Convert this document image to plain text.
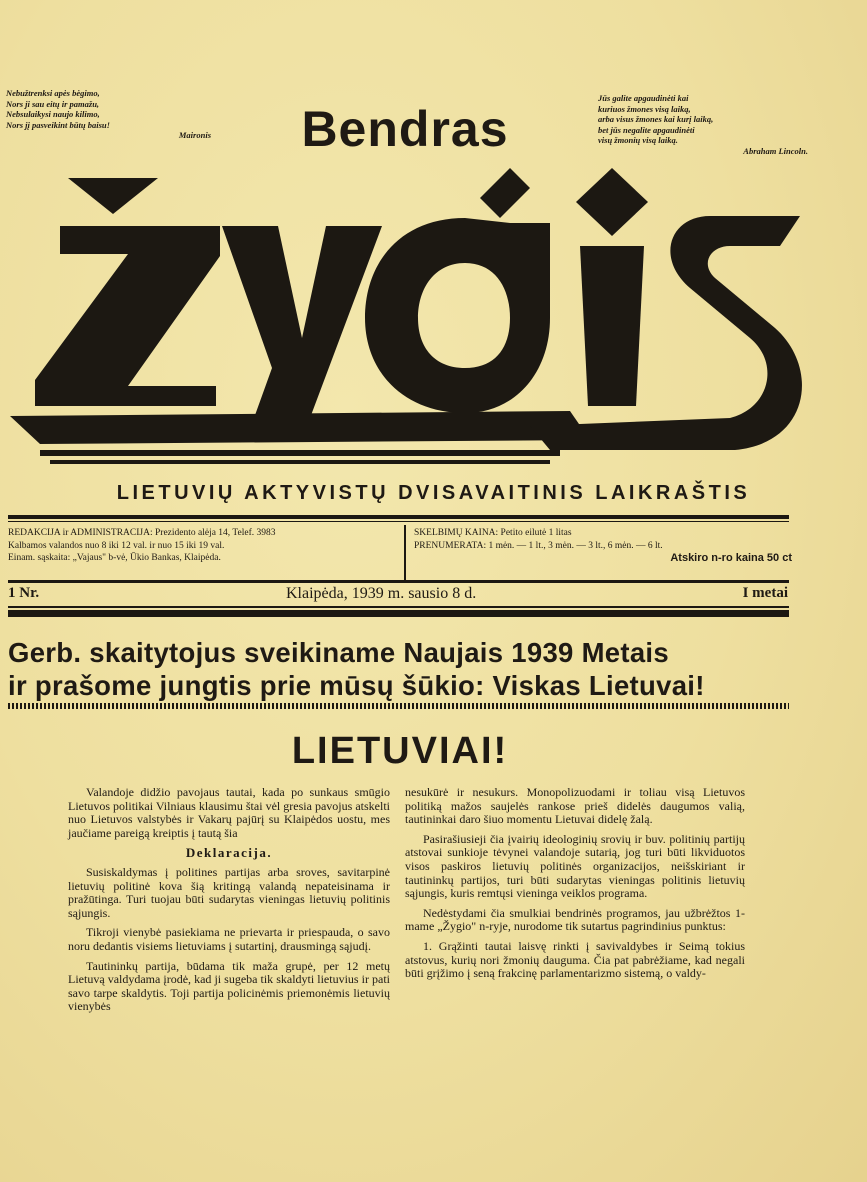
Nebužtrenksi apės bėgimo,
Nors ji sau eitų ir pamažu,
Nebsulaikysi naujo kilimo,
Nors jį pasveikint būtų baisu!
Maironis
Jūs galite apgaudinėti kai
kuriuos žmones visą laiką,
arba visus žmones kai kurį laiką,
bet jūs negalite apgaudinėti
visų žmonių visą laiką.
Abraham Lincoln.
Bendras
LIETUVIŲ AKTYVISTŲ DVISAVAITINIS LAIKRAŠTIS
REDAKCIJA ir ADMINISTRACIJA: Prezidento alėja 14, Telef. 3983
Kalbamos valandos nuo 8 iki 12 val. ir nuo 15 iki 19 val.
Einam. sąskaita: „Vajaus" b-vė, Ūkio Bankas, Klaipėda.
SKELBIMŲ KAINA: Petito eilutė 1 litas
PRENUMERATA: 1 mėn. — 1 lt., 3 mėn. — 3 lt., 6 mėn. — 6 lt.
Atskiro n-ro kaina 50 ct
1 Nr.	Klaipėda, 1939 m. sausio 8 d.	I metai
Gerb. skaitytojus sveikiname Naujais 1939 Metais
ir prašome jungtis prie mūsų šūkio: Viskas Lietuvai!
LIETUVIAI!

Valandoje didžio pavojaus tautai, kada po sunkaus smūgio Lietuvos politikai Vilniaus klausimu štai vėl gresia pavojus atskelti nuo Lietuvos valstybės ir Vakarų pajūrį su Klaipėdos uostu, mes jaučiame pareigą kreiptis į tautą šia

Deklaracija.

Susiskaldymas į politines partijas arba sroves, savitarpinė lietuvių politinė kova šią kritingą valandą nepateisinama ir pražūtinga. Turi tuojau būti sudarytas vieningas lietuvių politinis sąjungis.

Tikroji vienybė pasiekiama ne prievarta ir priespauda, o savo noru dedantis visiems lietuviams į sutartinį, drausmingą sąjudį.

Tautininkų partija, būdama tik maža grupė, per 12 metų Lietuvą valdydama įrodė, kad ji sugeba tik skaldyti lietuvius ir pati savo tarpe skaldytis. Toji partija policinėmis priemonėmis lietuvių vienybės

nesukūrė ir nesukurs. Monopolizuodami ir toliau visą Lietuvos politiką mažos saujelės rankose prieš didelės daugumos valią, tautininkai daro šiuo momentu Lietuvai didelę žalą.

Pasirašiusieji čia įvairių ideologinių srovių ir buv. politinių partijų atstovai sunkioje tėvynei valandoje sutarią, jog turi būti likviduotos visos paskiros lietuvių politinės organizacijos, neišskiriant ir tautininkų partijos, turi būti sudarytas vieningas politinis lietuvių sąjungis, kuris remtųsi vieninga veiklos programa.

Nedėstydami čia smulkiai bendrinės programos, jau užbrėžtos 1-mame „Žygio" n-ryje, nurodome tik sutartus pagrindinius punktus:

1. Grąžinti tautai laisvę rinkti į savivaldybes ir Seimą tokius atstovus, kurių nori žmonių dauguma. Čia pat pabrėžiame, kad negali būti grįžimo į seną frakcinę parlamentarizmo sistemą, o valdy-
